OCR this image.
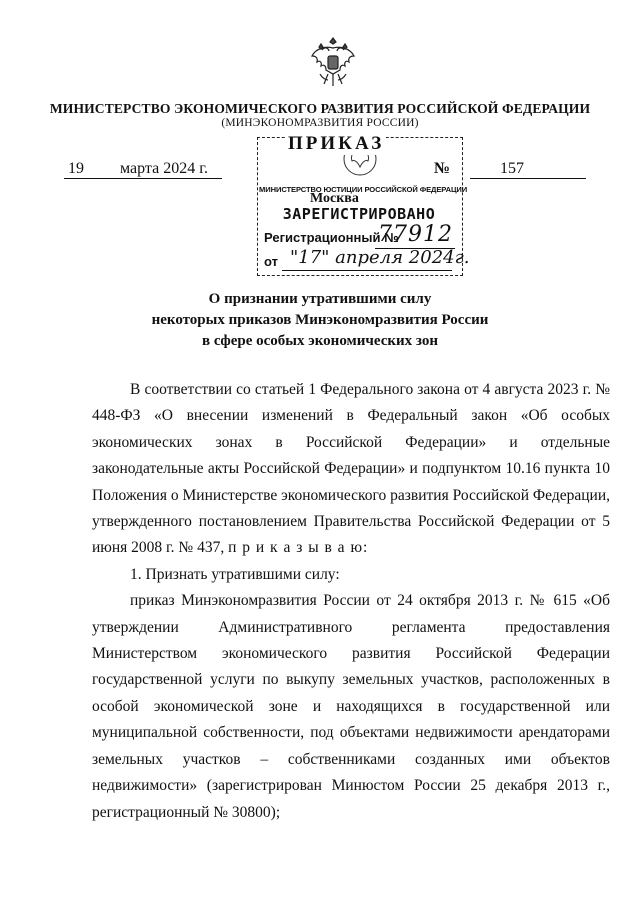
МИНИСТЕРСТВО ЭКОНОМИЧЕСКОГО РАЗВИТИЯ РОССИЙСКОЙ ФЕДЕРАЦИИ
(МИНЭКОНОМРАЗВИТИЯ РОССИИ)
19 марта 2024 г.	№	157
ПРИКАЗ
МИНИСТЕРСТВО ЮСТИЦИИ РОССИЙСКОЙ ФЕДЕРАЦИИ
Москва
ЗАРЕГИСТРИРОВАНО
Регистрационный №
77912
от "17" апреля 2024г.
О признании утратившими силу
некоторых приказов Минэкономразвития России
в сфере особых экономических зон

В соответствии со статьей 1 Федерального закона от 4 августа 2023 г. № 448-ФЗ «О внесении изменений в Федеральный закон «Об особых экономических зонах в Российской Федерации» и отдельные законодательные акты Российской Федерации» и подпунктом 10.16 пункта 10 Положения о Министерстве экономического развития Российской Федерации, утвержденного постановлением Правительства Российской Федерации от 5 июня 2008 г. № 437, п р и к а з ы в а ю:

1. Признать утратившими силу:

приказ Минэкономразвития России от 24 октября 2013 г. № 615 «Об утверждении Административного регламента предоставления Министерством экономического развития Российской Федерации государственной услуги по выкупу земельных участков, расположенных в особой экономической зоне и находящихся в государственной или муниципальной собственности, под объектами недвижимости арендаторами земельных участков – собственниками созданных ими объектов недвижимости» (зарегистрирован Минюстом России 25 декабря 2013 г., регистрационный № 30800);
